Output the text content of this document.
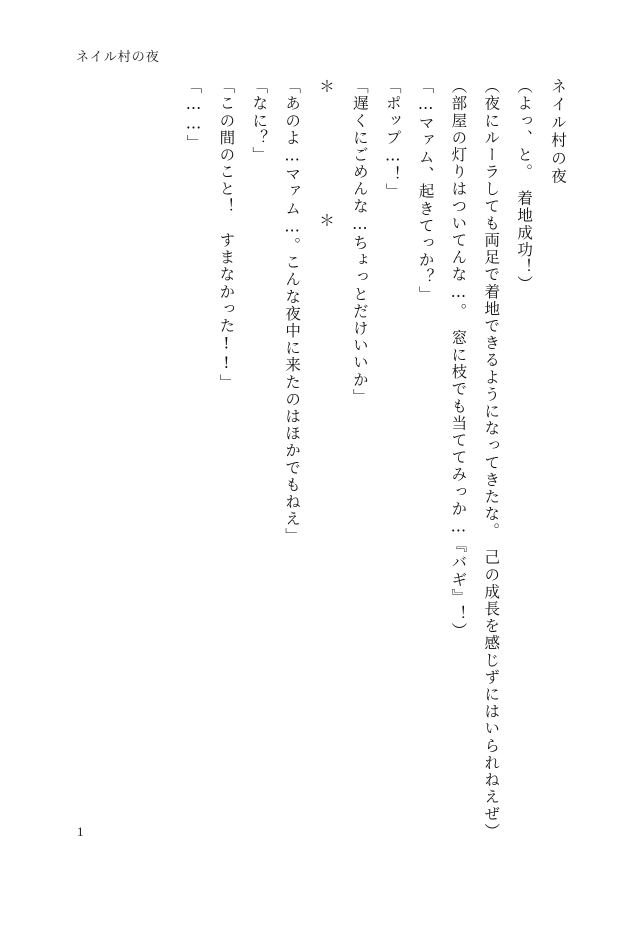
ネイル村の夜
ネイル村の夜
（よっ、と。　着地成功！）
（夜にルーラしても両足で着地できるようになってきたな。　己の成長を感じずにはいられねえぜ）
（部屋の灯りはついてんな…。　窓に枝でも当ててみっか…『バギ』！）
「…マァム、起きてっか？」
「ポップ…！」
「遅くにごめんな…ちょっとだけいいか」
＊  ＊
「あのよ…マァム…。こんな夜中に来たのはほかでもねえ」
「なに？」
「この間のこと！　すまなかった!!」
「……」
1
